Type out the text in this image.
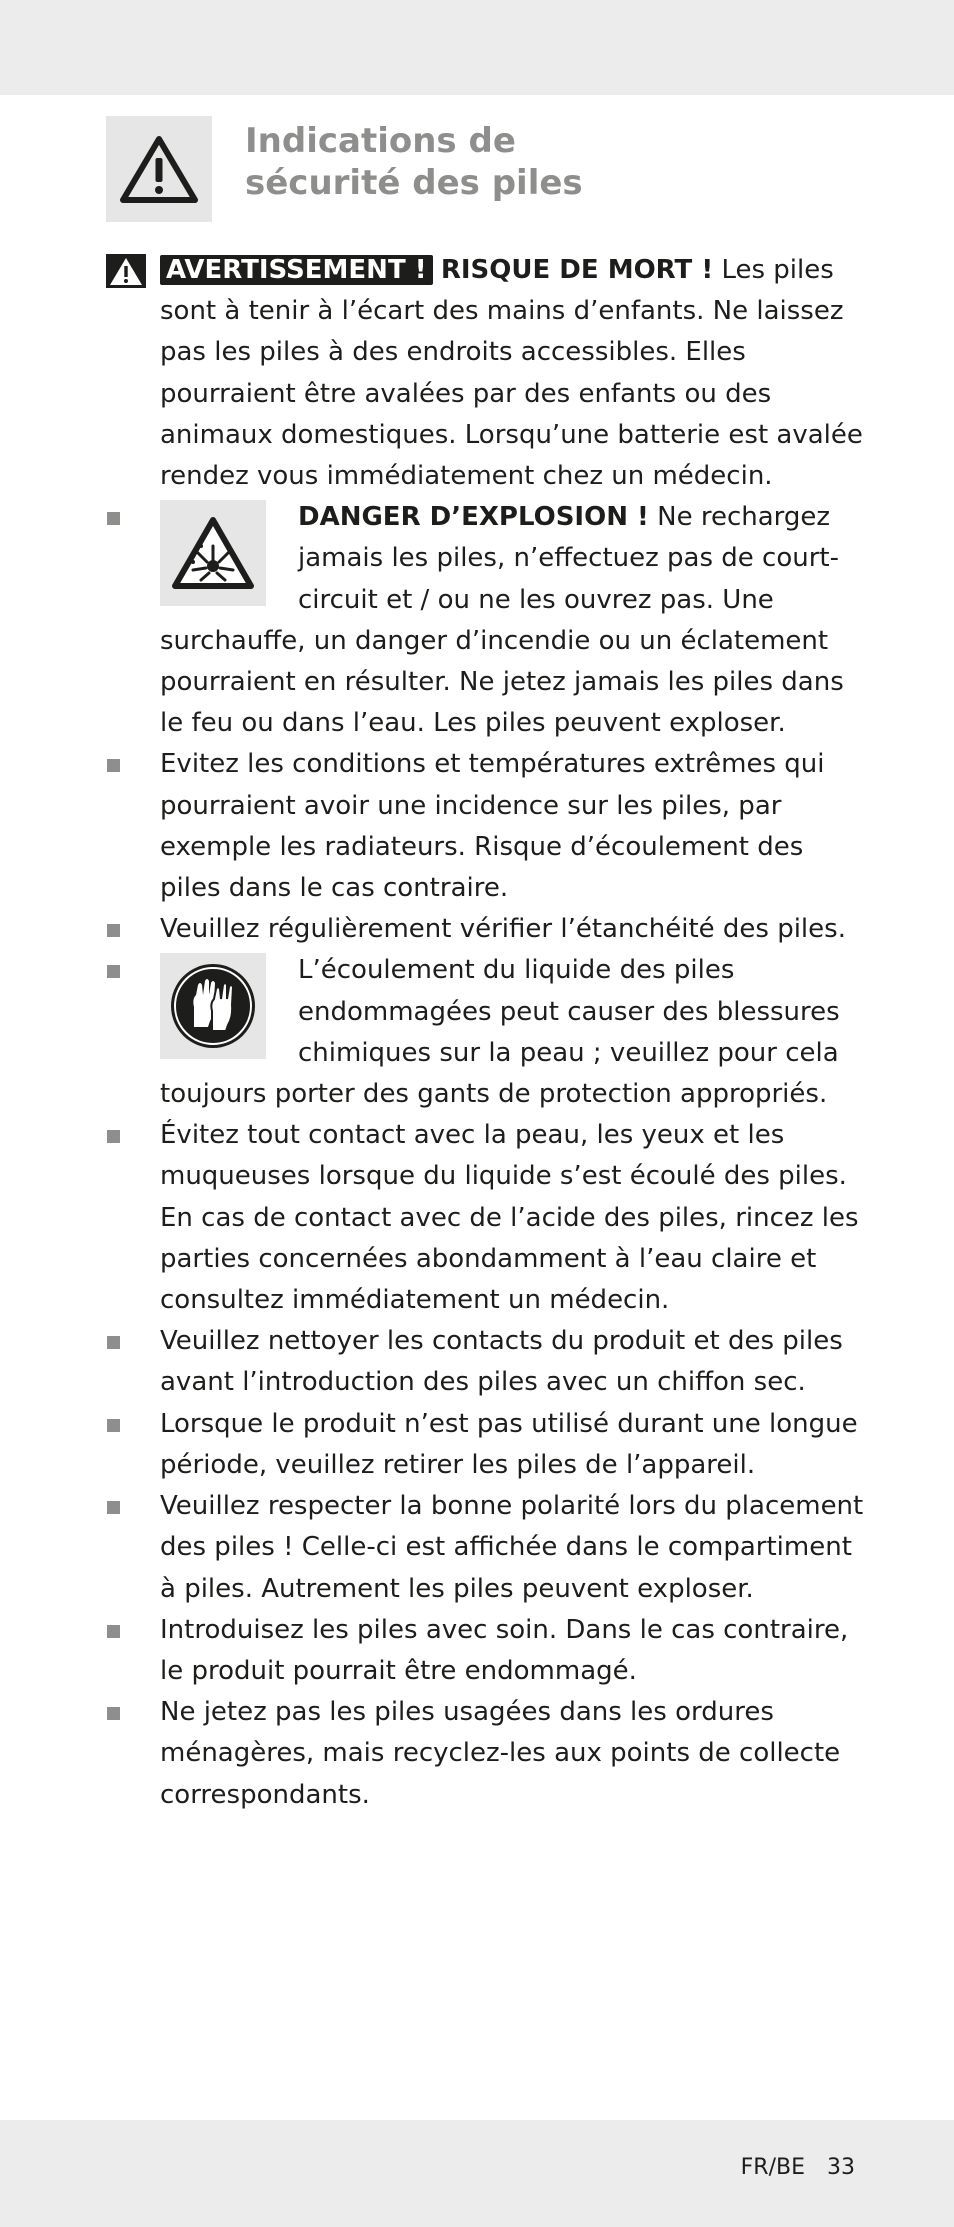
Indications de
sécurité des piles
AVERTISSEMENT ! RISQUE DE MORT ! Les piles sont à tenir à l’écart des mains d’enfants. Ne laissez pas les piles à des endroits accessibles. Elles pourraient être avalées par des enfants ou des animaux domestiques. Lorsqu’une batterie est avalée rendez vous immédiatement chez un médecin.
DANGER D’EXPLOSION ! Ne rechargez jamais les piles, n’effectuez pas de court-circuit et / ou ne les ouvrez pas. Une surchauffe, un danger d’incendie ou un éclatement pourraient en résulter. Ne jetez jamais les piles dans le feu ou dans l’eau. Les piles peuvent exploser.
Evitez les conditions et températures extrêmes qui pourraient avoir une incidence sur les piles, par exemple les radiateurs. Risque d’écoulement des piles dans le cas contraire.
Veuillez régulièrement vérifier l’étanchéité des piles.
L’écoulement du liquide des piles endommagées peut causer des blessures chimiques sur la peau ; veuillez pour cela toujours porter des gants de protection appropriés.
Évitez tout contact avec la peau, les yeux et les muqueuses lorsque du liquide s’est écoulé des piles. En cas de contact avec de l’acide des piles, rincez les parties concernées abondamment à l’eau claire et consultez immédiatement un médecin.
Veuillez nettoyer les contacts du produit et des piles avant l’introduction des piles avec un chiffon sec.
Lorsque le produit n’est pas utilisé durant une longue période, veuillez retirer les piles de l’appareil.
Veuillez respecter la bonne polarité lors du placement des piles ! Celle-ci est affichée dans le compartiment à piles. Autrement les piles peuvent exploser.
Introduisez les piles avec soin. Dans le cas contraire, le produit pourrait être endommagé.
Ne jetez pas les piles usagées dans les ordures ménagères, mais recyclez-les aux points de collecte correspondants.
FR/BE 33
